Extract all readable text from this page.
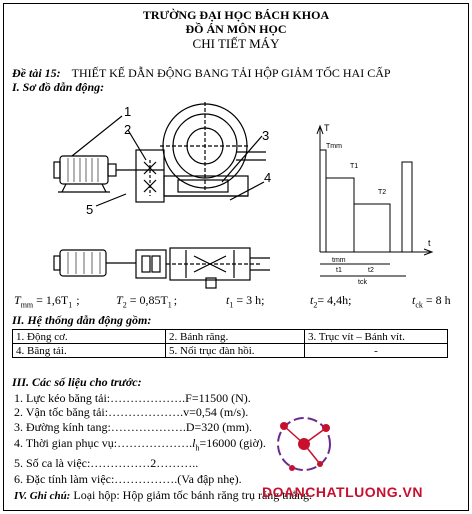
TRƯỜNG ĐẠI HỌC BÁCH KHOA
ĐỒ ÁN MÔN HỌC
CHI TIẾT MÁY
Đề tài 15: THIẾT KẾ DẪN ĐỘNG BANG TẢI HỘP GIẢM TỐC HAI CẤP
I. Sơ đồ dẫn động:
1
2	3
4
5
T
t
Tmm
T1
T2
tmm
t1	t2
tck
$T_{mm} = 1,6T_1$ ;	$T_2 = 0,85T_1$ ;	$t_1 = 3$ h;	$t_2= 4,4h$;	$t_{ck} = 8$ h
II. Hệ thống dẫn động gồm:
1. Động cơ.	2. Bánh răng.	3. Trục vít – Bánh vít.
4. Băng tải.	5. Nối trục đàn hồi.	-
III. Các số liệu cho trước:
1. Lực kéo băng tải:……………….F=11500 (N).
2. Vận tốc băng tải:……………….v=0,54 (m/s).
3. Đường kính tang:……………….D=320 (mm).
4. Thời gian phục $vụ:\dots\dots\dots\dots\dots\dots.l_h=16000$ (giờ).
5. Số ca là việc:……………2………..
6. Đặc tính làm việc:…………….(Va đập nhẹ).
IV. Ghi chú: Loại hộp: Hộp giảm tốc bánh răng trụ răng thẳng.
DOANCHATLUONG.VN
